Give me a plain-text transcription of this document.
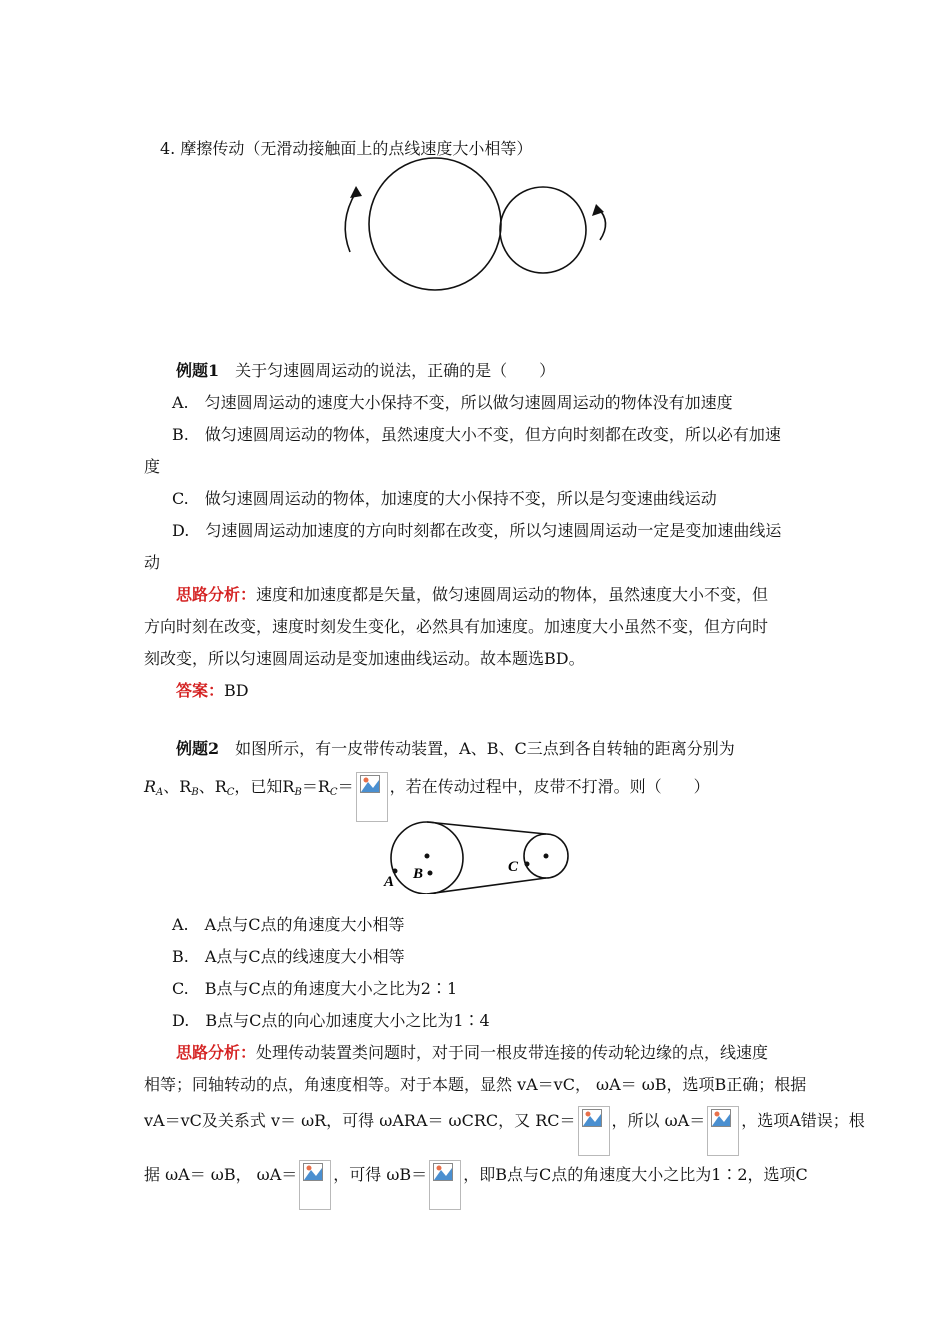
4. 摩擦传动（无滑动接触面上的点线速度大小相等）
例题1　 关于匀速圆周运动的说法，正确的是（　　）
A.　匀速圆周运动的速度大小保持不变，所以做匀速圆周运动的物体没有加速度
B.　做匀速圆周运动的物体，虽然速度大小不变，但方向时刻都在改变，所以必有加速
度
C.　做匀速圆周运动的物体，加速度的大小保持不变，所以是匀变速曲线运动
D.　匀速圆周运动加速度的方向时刻都在改变，所以匀速圆周运动一定是变加速曲线运
动
思路分析：速度和加速度都是矢量，做匀速圆周运动的物体，虽然速度大小不变，但
方向时刻在改变，速度时刻发生变化，必然具有加速度。加速度大小虽然不变，但方向时
刻改变，所以匀速圆周运动是变加速曲线运动。故本题选BD。
答案：BD
例题2　 如图所示，有一皮带传动装置，A、B、C三点到各自转轴的距离分别为
$R_A$、$R_B$、$R_C$，已知$R_B=R_C=$ ，若在传动过程中，皮带不打滑。则（　　）
A B	C
A.　A点与C点的角速度大小相等
B.　A点与C点的线速度大小相等
C.　B点与C点的角速度大小之比为2∶1
D.　B点与C点的向心加速度大小之比为1∶4
思路分析：处理传动装置类问题时，对于同一根皮带连接的传动轮边缘的点，线速度
相等；同轴转动的点，角速度相等。对于本题，显然 vA＝vC， ωA＝ ωB，选项B正确；根据
vA＝vC及关系式 v＝ ωR，可得 ωARA＝ ωCRC，又 RC＝ ，所以 ωA＝ ，选项A错误；根
据 ωA＝ ωB， ωA＝ ，可得 ωB＝ ，即B点与C点的角速度大小之比为1∶2，选项C
